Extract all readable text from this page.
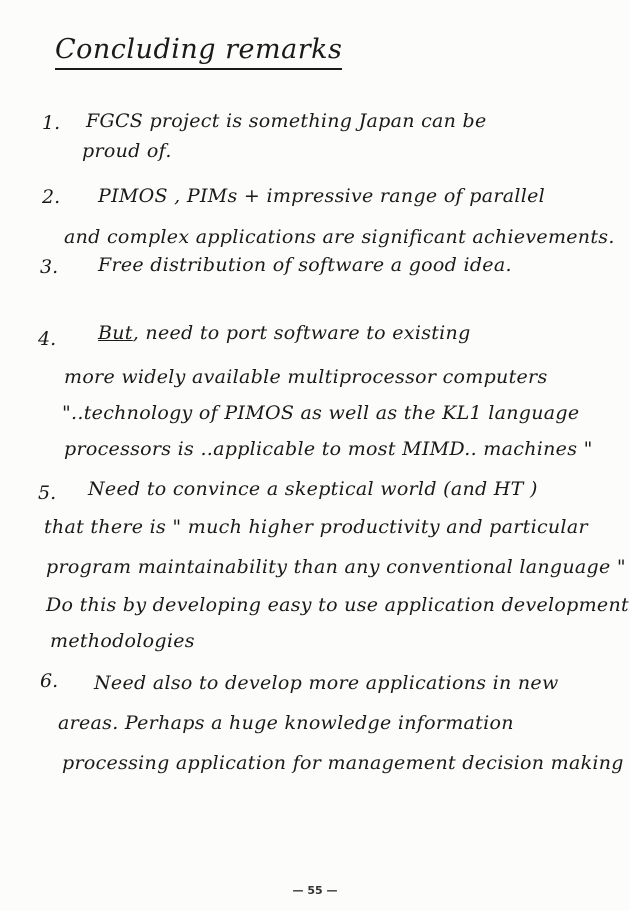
Concluding remarks
1. FGCS project is something Japan can be
proud of.
2. PIMOS , PIMs + impressive range of parallel
and complex applications are significant achievements.
3. Free distribution of software a good idea.
4. But, need to port software to existing
more widely available multiprocessor computers
"..technology of PIMOS as well as the KL1 language
processors is ..applicable to most MIMD.. machines "
5. Need to convince a skeptical world (and HT )
that there is " much higher productivity and particular
program maintainability than any conventional language "
Do this by developing easy to use application development
methodologies
6. Need also to develop more applications in new
areas. Perhaps a huge knowledge information
processing application for management decision making
— 55 —
